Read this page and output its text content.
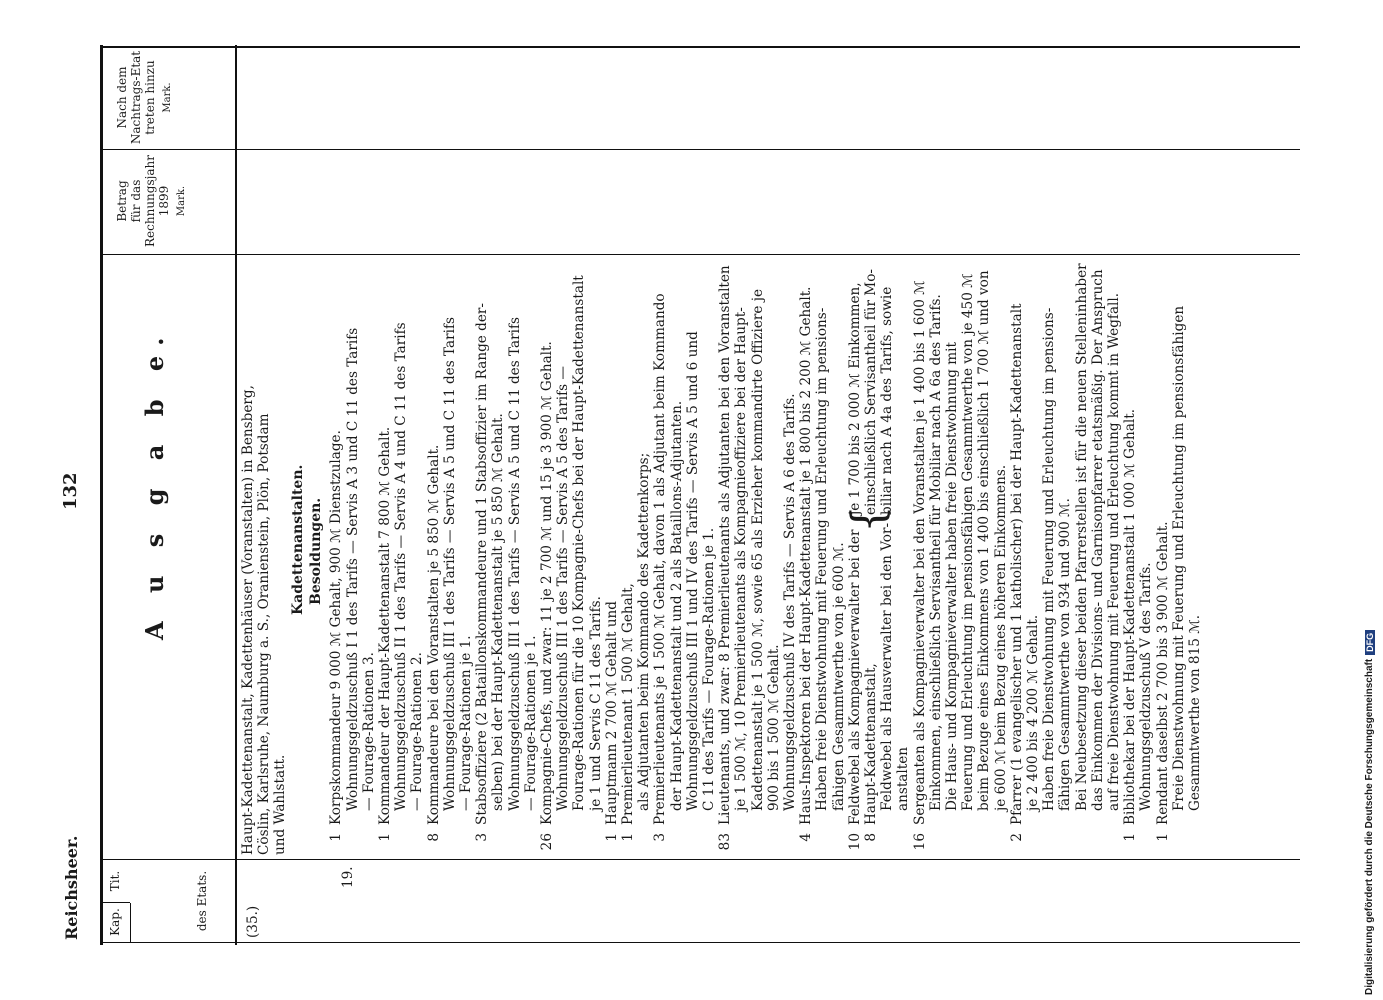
Reichsheer.
132
Kap.
Tit.	des Etats.
A u s g a b e.
Betrag für das Rechnungsjahr 1899 Mark.
Nach dem Nachtrags-Etat treten hinzu Mark.
(35.)
19.
Haupt-Kadettenanstalt, Kadettenhäuser (Voranstalten) in Bensberg, Cöslin, Karlsruhe, Naumburg a. S., Oranienstein, Plön, Potsdam und Wahlstatt.
Kadettenanstalten. Besoldungen.
1
Korpskommandeur 9 000 ℳ Gehalt, 900 ℳ Dienstzulage. Wohnungsgeldzuschuß I 1 des Tarifs — Servis A 3 und C 11 des Tarifs — Fourage-Rationen 3.
1
Kommandeur der Haupt-Kadettenanstalt 7 800 ℳ Gehalt. Wohnungsgeldzuschuß II 1 des Tarifs — Servis A 4 und C 11 des Tarifs — Fourage-Rationen 2.
8
Kommandeure bei den Voranstalten je 5 850 ℳ Gehalt. Wohnungsgeldzuschuß III 1 des Tarifs — Servis A 5 und C 11 des Tarifs — Fourage-Rationen je 1.
3
Stabsoffiziere (2 Bataillonskommandeure und 1 Stabsoffizier im Range der- selben) bei der Haupt-Kadettenanstalt je 5 850 ℳ Gehalt. Wohnungsgeldzuschuß III 1 des Tarifs — Servis A 5 und C 11 des Tarifs — Fourage-Rationen je 1.
26
Kompagnie-Chefs, und zwar: 11 je 2 700 ℳ und 15 je 3 900 ℳ Gehalt. Wohnungsgeldzuschuß III 1 des Tarifs — Servis A 5 des Tarifs — Fourage-Rationen für die 10 Kompagnie-Chefs bei der Haupt-Kadettenanstalt je 1 und Servis C 11 des Tarifs.
1
Hauptmann 2 700 ℳ Gehalt und
1
Premierlieutenant 1 500 ℳ Gehalt, als Adjutanten beim Kommando des Kadettenkorps;
3
Premierlieutenants je 1 500 ℳ Gehalt, davon 1 als Adjutant beim Kommando der Haupt-Kadettenanstalt und 2 als Bataillons-Adjutanten. Wohnungsgeldzuschuß III 1 und IV des Tarifs — Servis A 5 und 6 und C 11 des Tarifs — Fourage-Rationen je 1.
83
Lieutenants, und zwar: 8 Premierlieutenants als Adjutanten bei den Voranstalten je 1 500 ℳ, 10 Premierlieutenants als Kompagnieoffiziere bei der Haupt- Kadettenanstalt je 1 500 ℳ, sowie 65 als Erzieher kommandirte Offiziere je 900 bis 1 500 ℳ Gehalt. Wohnungsgeldzuschuß IV des Tarifs — Servis A 6 des Tarifs.
4
Haus-Inspektoren bei der Haupt-Kadettenanstalt je 1 800 bis 2 200 ℳ Gehalt. Haben freie Dienstwohnung mit Feuerung und Erleuchtung im pensions- fähigen Gesammtwerthe von je 600 ℳ.
10
Feldwebel als Kompagnieverwalter bei der
8
Haupt-Kadettenanstalt, Feldwebel als Hausverwalter bei den Vor- anstalten
je 1 700 bis 2 000 ℳ Einkommen, einschließlich Servisantheil für Mo- biliar nach A 4a des Tarifs, sowie
{
16
Sergeanten als Kompagnieverwalter bei den Voranstalten je 1 400 bis 1 600 ℳ Einkommen, einschließlich Servisantheil für Mobiliar nach A 6a des Tarifs. Die Haus- und Kompagnieverwalter haben freie Dienstwohnung mit Feuerung und Erleuchtung im pensionsfähigen Gesammtwerthe von je 450 ℳ beim Bezuge eines Einkommens von 1 400 bis einschließlich 1 700 ℳ und von je 600 ℳ beim Bezug eines höheren Einkommens.
2
Pfarrer (1 evangelischer und 1 katholischer) bei der Haupt-Kadettenanstalt je 2 400 bis 4 200 ℳ Gehalt. Haben freie Dienstwohnung mit Feuerung und Erleuchtung im pensions- fähigen Gesammtwerthe von 934 und 900 ℳ. Bei Neubesetzung dieser beiden Pfarrerstellen ist für die neuen Stelleninhaber das Einkommen der Divisions- und Garnisonpfarrer etatsmäßig. Der Anspruch auf freie Dienstwohnung mit Feuerung und Erleuchtung kommt in Wegfall.
1
Bibliothekar bei der Haupt-Kadettenanstalt 1 000 ℳ Gehalt. Wohnungsgeldzuschuß V des Tarifs.
1
Rendant daselbst 2 700 bis 3 900 ℳ Gehalt. Freie Dienstwohnung mit Feuerung und Erleuchtung im pensionsfähigen Gesammtwerthe von 815 ℳ.	Digitalisierung gefördert durch die Deutsche Forschungsgemeinschaft
DFG
